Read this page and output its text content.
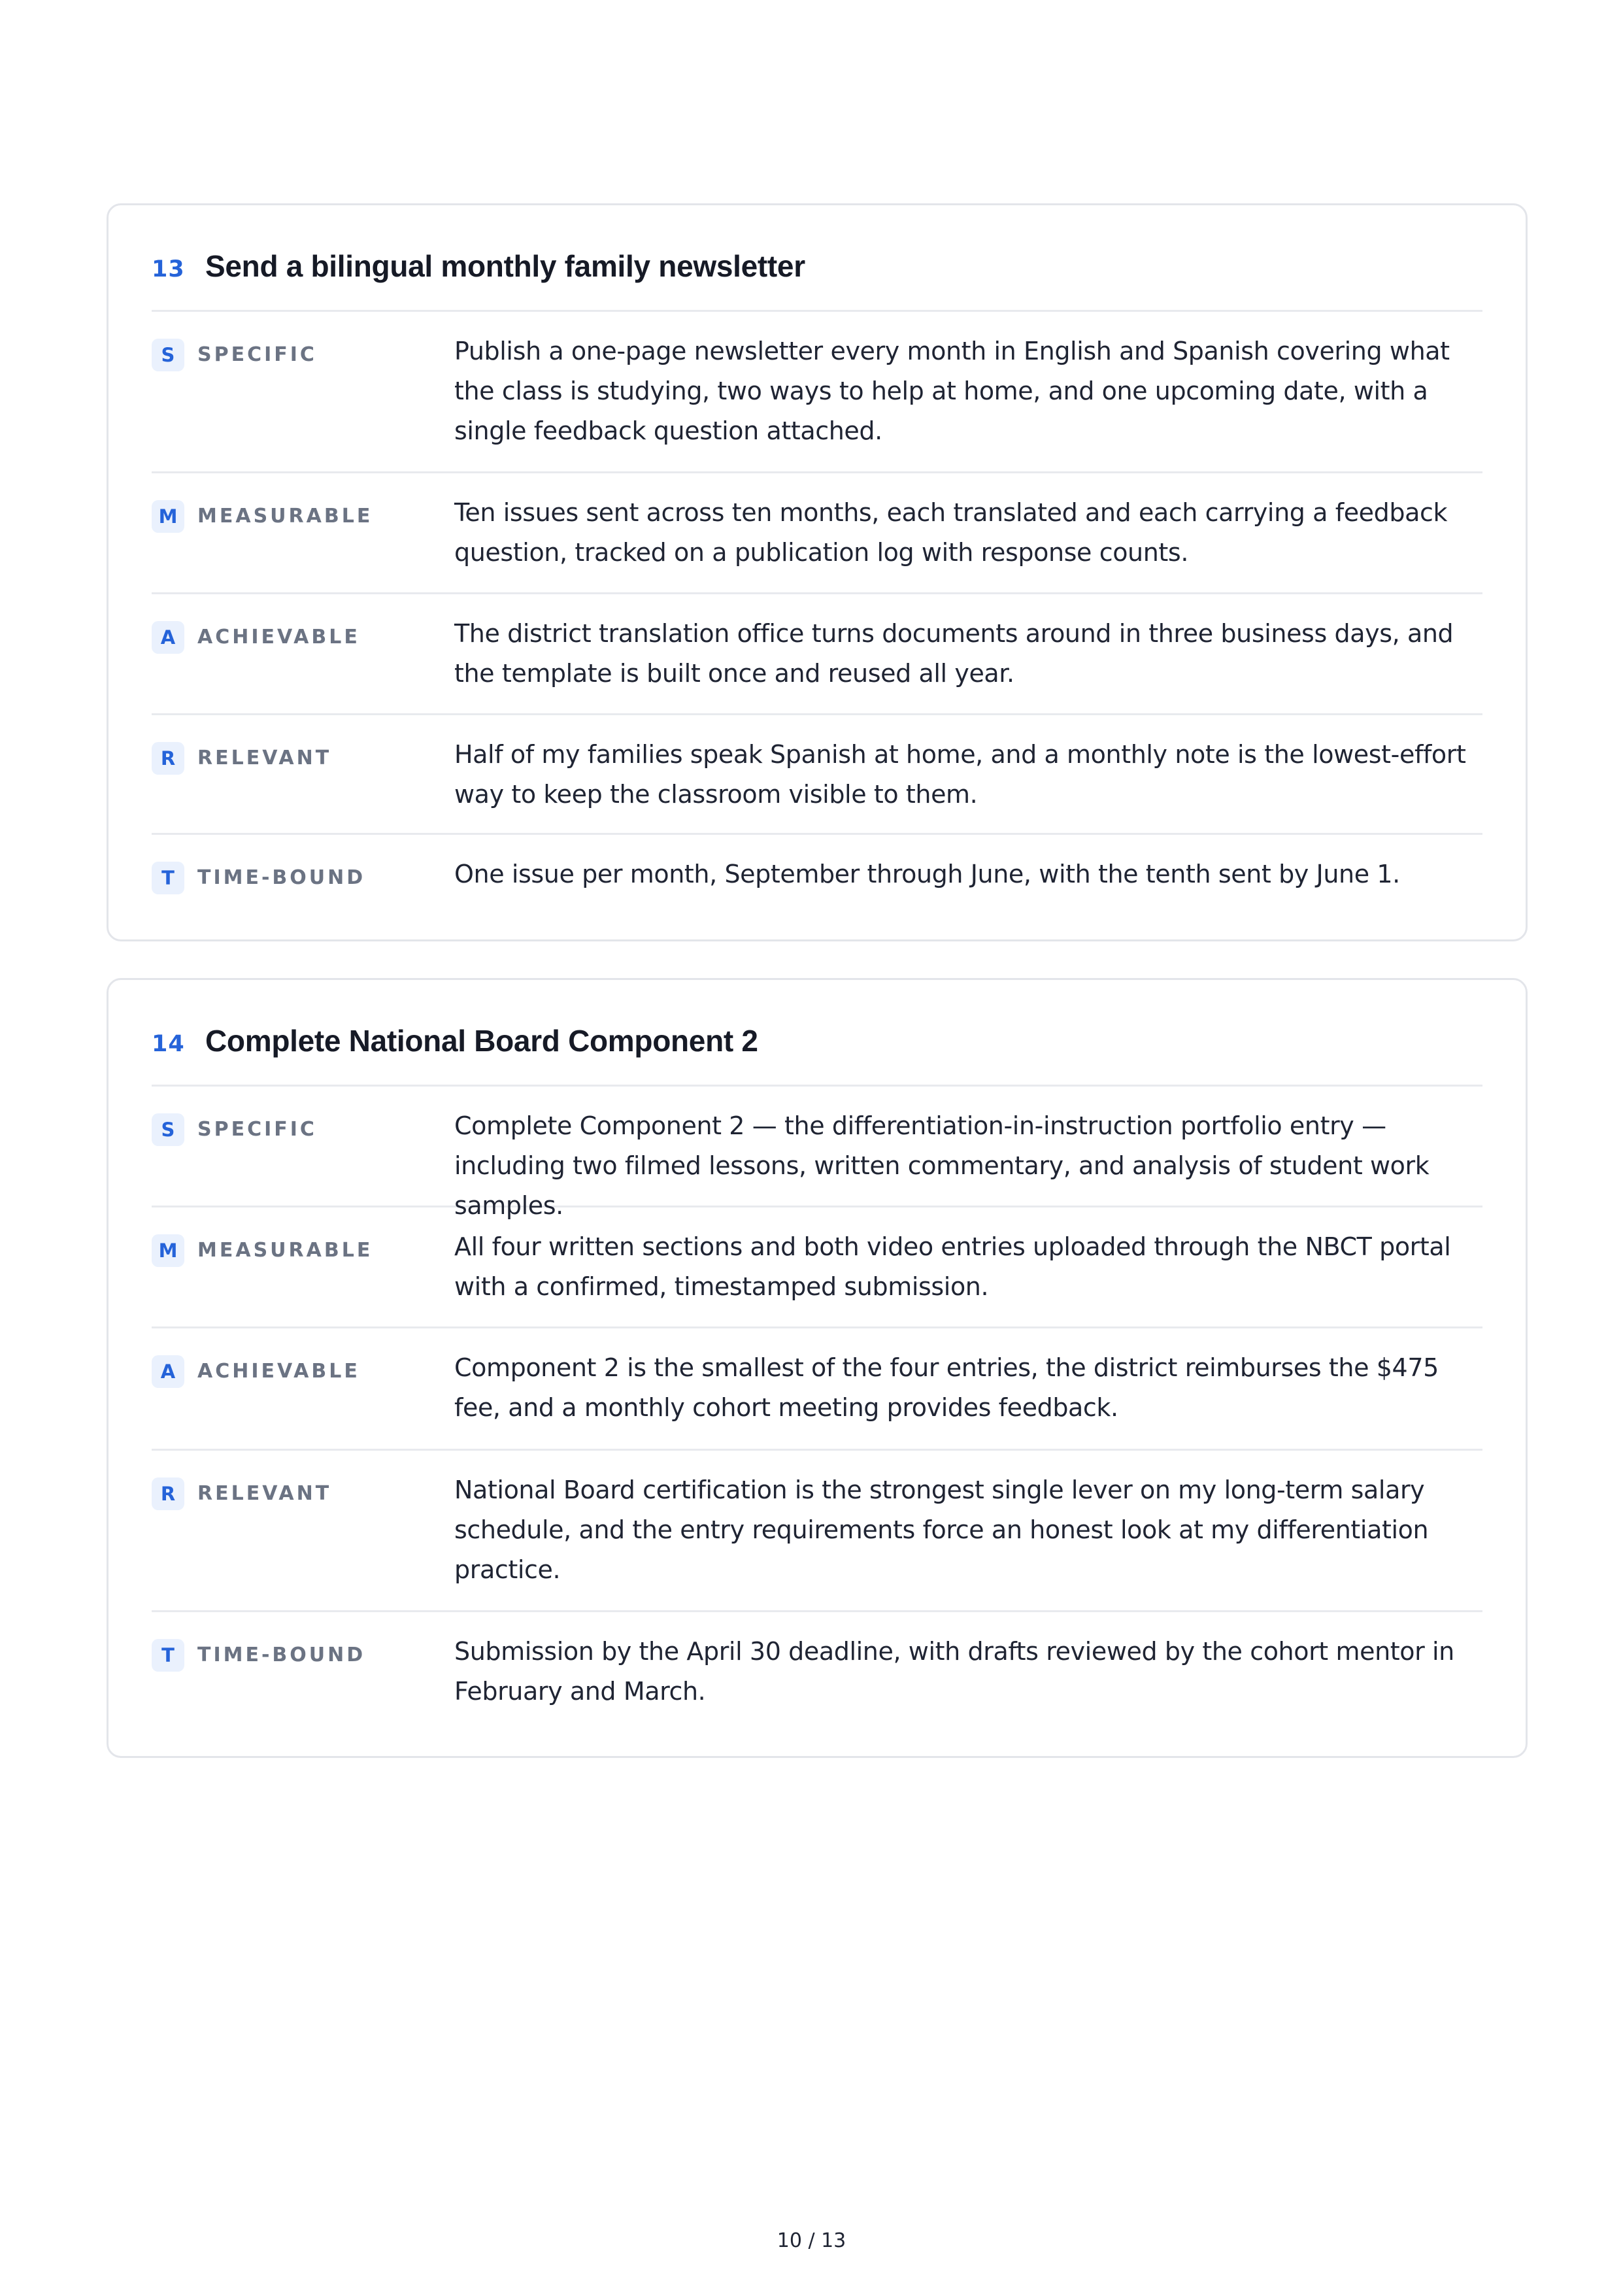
13 Send a bilingual monthly family newsletter
S	SPECIFIC	Publish a one-page newsletter every month in English and Spanish covering what the class is studying, two ways to help at home, and one upcoming date, with a single feedback question attached.
M	MEASURABLE	Ten issues sent across ten months, each translated and each carrying a feedback question, tracked on a publication log with response counts.
A	ACHIEVABLE	The district translation office turns documents around in three business days, and the template is built once and reused all year.
R	RELEVANT	Half of my families speak Spanish at home, and a monthly note is the lowest-effort way to keep the classroom visible to them.
T	TIME-BOUND	One issue per month, September through June, with the tenth sent by June 1.
14 Complete National Board Component 2
S	SPECIFIC	Complete Component 2 — the differentiation-in-instruction portfolio entry — including two filmed lessons, written commentary, and analysis of student work samples.
M	MEASURABLE	All four written sections and both video entries uploaded through the NBCT portal with a confirmed, timestamped submission.
A	ACHIEVABLE	Component 2 is the smallest of the four entries, the district reimburses the $475 fee, and a monthly cohort meeting provides feedback.
R	RELEVANT	National Board certification is the strongest single lever on my long-term salary schedule, and the entry requirements force an honest look at my differentiation practice.
T	TIME-BOUND	Submission by the April 30 deadline, with drafts reviewed by the cohort mentor in February and March.
10 / 13
